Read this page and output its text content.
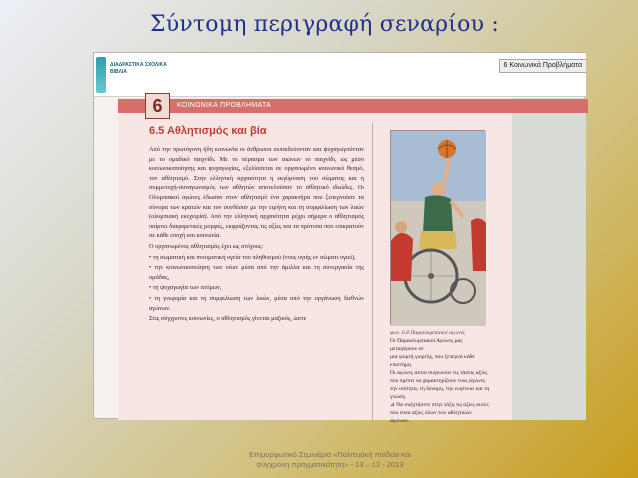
Σύντομη περιγραφή σεναρίου :
ΔΙΑΔΡΑΣΤΙΚΑ ΣΧΟΛΙΚΑ ΒΙΒΛΙΑ
6 Κοινωνικά Προβλήματα
6	ΚΟΙΝΩΝΙΚΑ ΠΡΟΒΛΗΜΑΤΑ
6.5 Αθλητισμός και βία

Από την πρωτόγονη ήδη κοινωνία οι άνθρωποι εκπαιδεύονταν και ψυχαγωγούνταν με το ομαδικό παιχνίδι. Με το πέρασμα των αιώνων το παιχνίδι, ως μέσο κοινωνικοποίησης και ψυχαγωγίας, εξελίσσεται σε οργανωμένο κοινωνικό θεσμό, τον αθλητισμό. Στην ελληνική αρχαιότητα η εκγύμναση του σώματος και η συμμετοχή-συναγωνισμός των αθλητών αποτελούσαν το αθλητικό ιδεώδες. Οι Ολυμπιακοί αγώνες έδωσαν στον αθλητισμό ένα χαρακτήρα που ξεπερνούσε τα σύνορα των κρατών και τον συνδέσαν με την ειρήνη και τη συμφιλίωση των λαών (ολυμπιακή εκεχειρία). Από την ελληνική αρχαιότητα μέχρι σήμερα ο αθλητισμός παίρνει διαφορετικές μορφές, εκφράζοντας τις αξίες και τα πρότυπα που επικρατούν σε κάθε εποχή και κοινωνία.

Ο οργανωμένος αθλητισμός έχει ως στόχους:

• τη σωματική και πνευματική υγεία του πληθυσμού (νους υγιής εν σώματι υγιεί),

• την κοινωνικοποίηση των νέων μέσα από την άμιλλα και τη συνεργασία της ομάδας,

• τη ψυχαγωγία των ατόμων,

• τη γνωριμία και τη συμφιλίωση των λαών, μέσα από την οργάνωση διεθνών αγώνων.

Στις σύγχρονες κοινωνίες, ο αθλητισμός γίνεται μαζικός, ώστε

φωτ. 6.8 Παραολυμπιακοί αγώνες
Οι Παραολυμπιακοί Αγώνες μας μεταφέρουν σε
μια γιορτή γιορτής, που ξεπερνά κάθε επιστήμη.
Οι αγώνες αυτοί συγκινούν τις τάσεις αξίες
που πρέπει να χαρακτηρίζουν τους αγώνες
την ισότητα, τη δύναμη, την ευγένεια και τη
γνώση.
⊿ Να συζητήσετε στην τάξη τις αξίες αυτές
που είναι αξίες όλων των αθλητικών αγώνων.
Επιμορφωτικό Σεμινάριο «Πολιτειακή παιδεία και
σύγχρονη πραγματικότητα» - 13 – 12 - 2013
